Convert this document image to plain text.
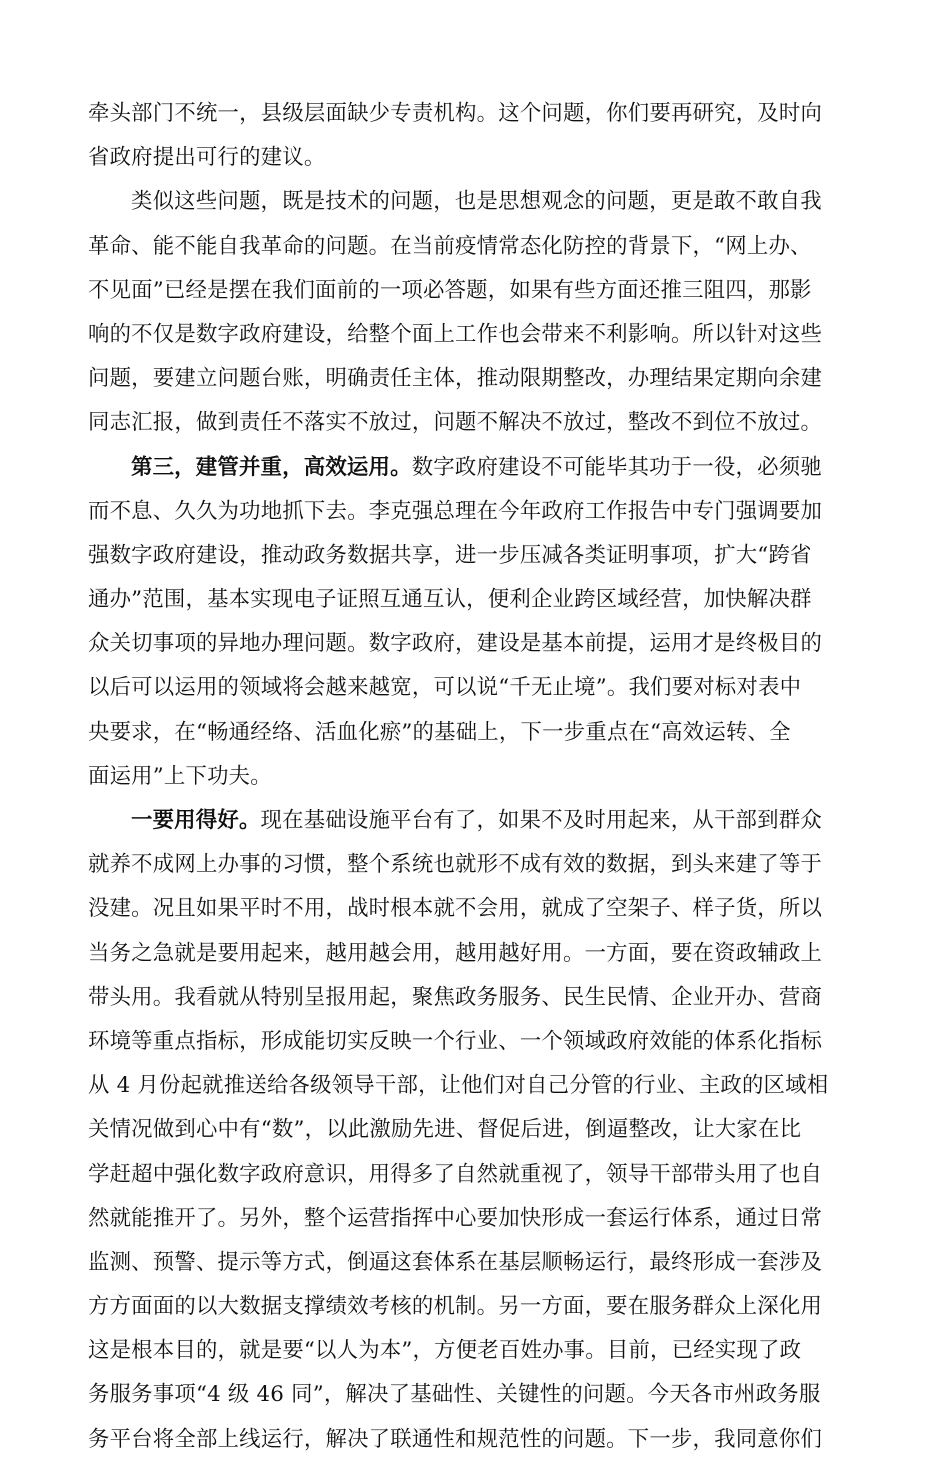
牵头部门不统一，县级层面缺少专责机构。这个问题，你们要再研究，及时向
省政府提出可行的建议。
类似这些问题，既是技术的问题，也是思想观念的问题，更是敢不敢自我
革命、能不能自我革命的问题。在当前疫情常态化防控的背景下，“网上办、
不见面”已经是摆在我们面前的一项必答题，如果有些方面还推三阻四，那影
响的不仅是数字政府建设，给整个面上工作也会带来不利影响。所以针对这些
问题，要建立问题台账，明确责任主体，推动限期整改，办理结果定期向余建
同志汇报，做到责任不落实不放过，问题不解决不放过，整改不到位不放过。
第三，建管并重，高效运用。数字政府建设不可能毕其功于一役，必须驰
而不息、久久为功地抓下去。李克强总理在今年政府工作报告中专门强调要加
强数字政府建设，推动政务数据共享，进一步压减各类证明事项，扩大“跨省
通办”范围，基本实现电子证照互通互认，便利企业跨区域经营，加快解决群
众关切事项的异地办理问题。数字政府，建设是基本前提，运用才是终极目的
以后可以运用的领域将会越来越宽，可以说“千无止境”。我们要对标对表中
央要求，在“畅通经络、活血化瘀”的基础上，下一步重点在“高效运转、全
面运用”上下功夫。
一要用得好。现在基础设施平台有了，如果不及时用起来，从干部到群众
就养不成网上办事的习惯，整个系统也就形不成有效的数据，到头来建了等于
没建。况且如果平时不用，战时根本就不会用，就成了空架子、样子货，所以
当务之急就是要用起来，越用越会用，越用越好用。一方面，要在资政辅政上
带头用。我看就从特别呈报用起，聚焦政务服务、民生民情、企业开办、营商
环境等重点指标，形成能切实反映一个行业、一个领域政府效能的体系化指标
从 4 月份起就推送给各级领导干部，让他们对自己分管的行业、主政的区域相
关情况做到心中有“数”，以此激励先进、督促后进，倒逼整改，让大家在比
学赶超中强化数字政府意识，用得多了自然就重视了，领导干部带头用了也自
然就能推开了。另外，整个运营指挥中心要加快形成一套运行体系，通过日常
监测、预警、提示等方式，倒逼这套体系在基层顺畅运行，最终形成一套涉及
方方面面的以大数据支撑绩效考核的机制。另一方面，要在服务群众上深化用
这是根本目的，就是要“以人为本”，方便老百姓办事。目前，已经实现了政
务服务事项“4 级 46 同”，解决了基础性、关键性的问题。今天各市州政务服
务平台将全部上线运行，解决了联通性和规范性的问题。下一步，我同意你们
